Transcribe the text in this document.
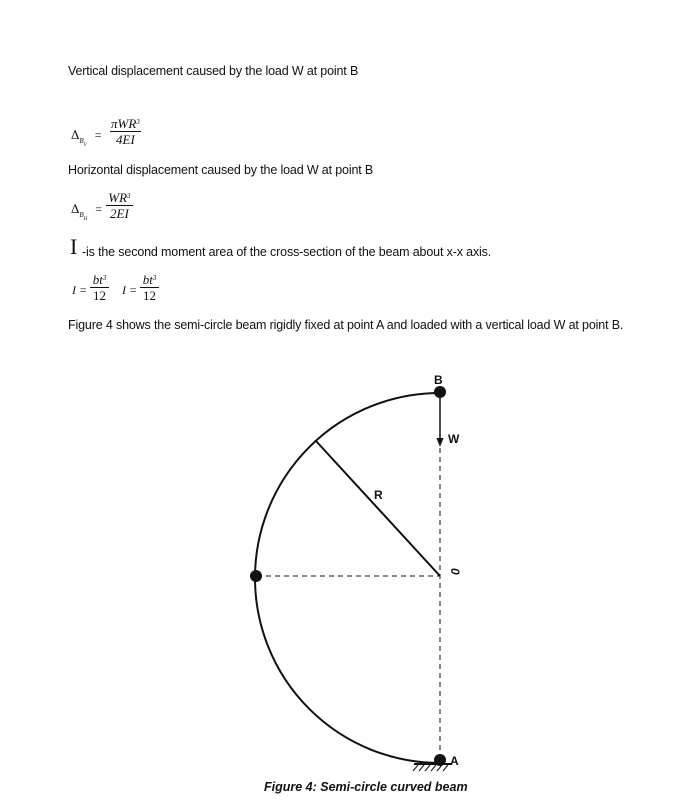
Vertical displacement caused by the load W at point B
$\Delta_{BV}$ =
πWR$^3$
4EI
Horizontal displacement caused by the load W at point B
$\Delta_{BH} = \frac{WR^3}{2EI}$
I -is the second moment area of the cross-section of the beam about x-x axis.
$I = \frac{bt^3}{12}$ $I = \frac{bt^3}{12}$
Figure 4 shows the semi-circle beam rigidly fixed at point A and loaded with a vertical load W at point B.
B
W
R
0
A
Figure 4: Semi-circle curved beam
